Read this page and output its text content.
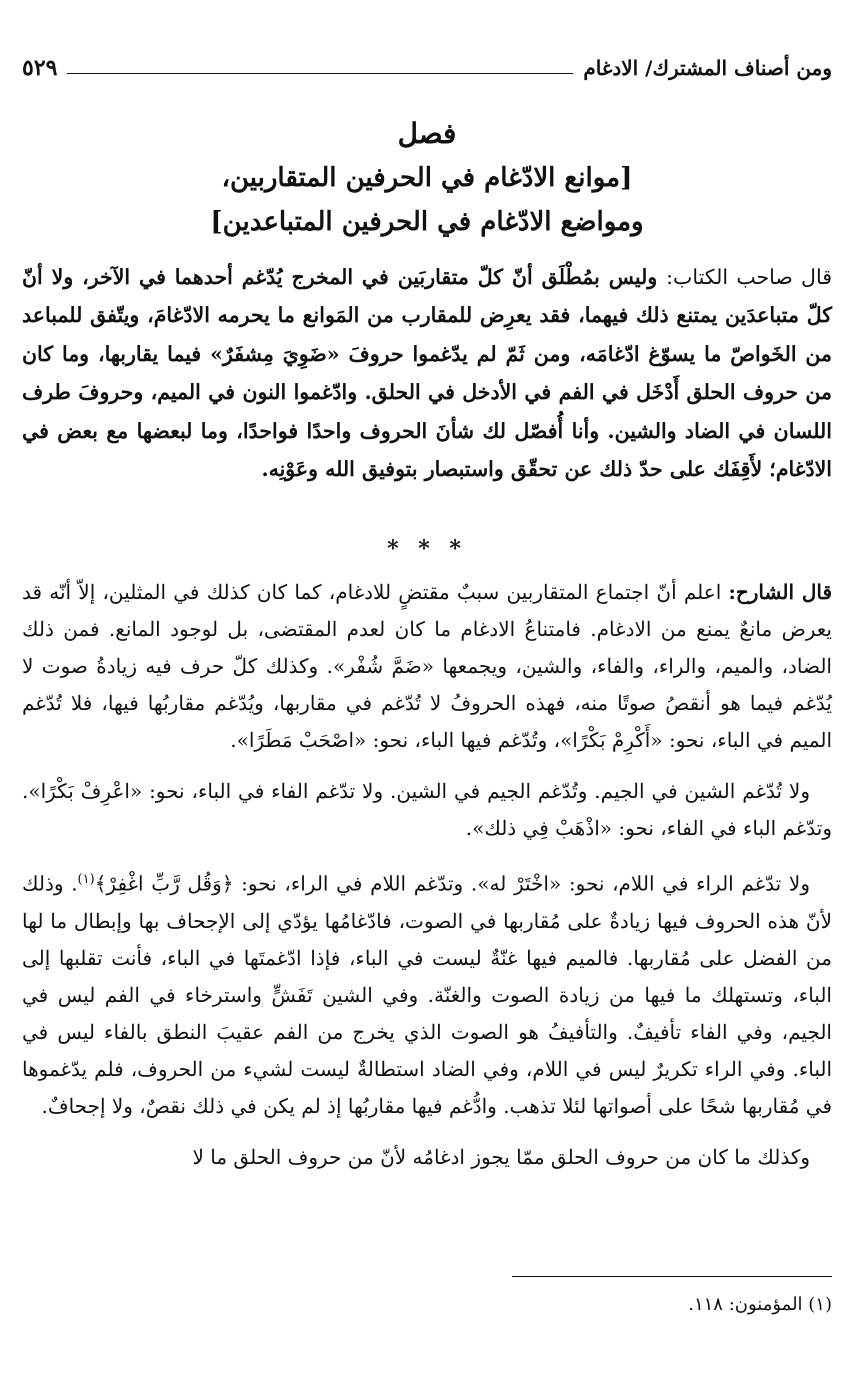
ومن أصناف المشترك/ الادغام
٥٢٩
فصل
[موانع الادّغام في الحرفين المتقاربين،
ومواضع الادّغام في الحرفين المتباعدين]
قال صاحب الكتاب: وليس بمُطْلَق أنّ كلّ متقاربَين في المخرج يُدّغم أحدهما في الآخر، ولا أنّ كلّ متباعدَين يمتنع ذلك فيهما، فقد يعرِض للمقارب من المَوانع ما يحرمه الادّغامَ، ويتّفق للمباعد من الخَواصّ ما يسوّغ ادّغامَه، ومن ثَمّ لم يدّغموا حروفَ «ضَوِيَ مِشفَرٌ» فيما يقاربها، وما كان من حروف الحلق أَدْخَل في الفم في الأدخل في الحلق. وادّغموا النون في الميم، وحروفَ طرف اللسان في الضاد والشين. وأنا أُفصّل لك شأنَ الحروف واحدًا فواحدًا، وما لبعضها مع بعض في الادّغام؛ لأَقِفَك على حدّ ذلك عن تحقّق واستبصار بتوفيق الله وعَوْنِه.
* * *

قال الشارح: اعلم أنّ اجتماع المتقاربين سببٌ مقتضٍ للادغام، كما كان كذلك في المثلين، إلاّ أنّه قد يعرض مانعٌ يمنع من الادغام. فامتناعُ الادغام ما كان لعدم المقتضى، بل لوجود المانع. فمن ذلك الضاد، والميم، والراء، والفاء، والشين، ويجمعها «ضَمَّ شُفْر». وكذلك كلّ حرف فيه زيادةُ صوت لا يُدّغم فيما هو أنقصُ صوتًا منه، فهذه الحروفُ لا تُدّغم في مقاربها، ويُدّغم مقاربُها فيها، فلا تُدّغم الميم في الباء، نحو: «أَكْرِمْ بَكْرًا»، وتُدّغم فيها الباء، نحو: «اصْحَبْ مَطَرًا».

ولا تُدّغم الشين في الجيم. وتُدّغم الجيم في الشين. ولا تدّغم الفاء في الباء، نحو: «اعْرِفْ بَكْرًا». وتدّغم الباء في الفاء، نحو: «اذْهَبْ فِي ذلك».

ولا تدّغم الراء في اللام، نحو: «اخْتَرْ له». وتدّغم اللام في الراء، نحو: ﴿وَقُل رَّبِّ اغْفِرْ﴾$^{(١)}$. وذلك لأنّ هذه الحروف فيها زيادةٌ على مُقاربها في الصوت، فادّغامُها يؤدّي إلى الإجحاف بها وإبطال ما لها من الفضل على مُقاربها. فالميم فيها غنّةٌ ليست في الباء، فإذا ادّغمتَها في الباء، فأنت تقلبها إلى الباء، وتستهلك ما فيها من زيادة الصوت والغنّة. وفي الشين تَفَشٍّ واسترخاء في الفم ليس في الجيم، وفي الفاء تأفيفٌ. والتأفيفُ هو الصوت الذي يخرج من الفم عقيبَ النطق بالفاء ليس في الباء. وفي الراء تكريرٌ ليس في اللام، وفي الضاد استطالةٌ ليست لشيء من الحروف، فلم يدّغموها في مُقاربها شحًا على أصواتها لئلا تذهب. وادُّغم فيها مقاربُها إذ لم يكن في ذلك نقصٌ، ولا إجحافٌ.

وكذلك ما كان من حروف الحلق ممّا يجوز ادغامُه لأنّ من حروف الحلق ما لا

(١) المؤمنون: ١١٨.
